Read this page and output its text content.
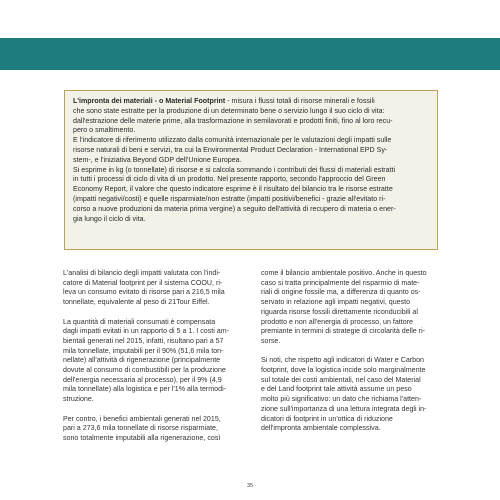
L'impronta dei materiali - o Material Footprint - misura i flussi totali di risorse minerali e fossili

che sono state estratte per la produzione di un determinato bene o servizio lungo il suo ciclo di vita:

dall'estrazione delle materie prime, alla trasformazione in semilavorati e prodotti finiti, fino al loro recu-

pero o smaltimento.

E l'indicatore di riferimento utilizzato dalla comunità internazionale per le valutazioni degli impatti sulle

risorse naturali di beni e servizi, tra cui la Environmental Product Declaration - International EPD Sy-

stem-, e l'iniziativa Beyond GDP dell'Unione Europea.

Si esprime in kg (o tonnellate) di risorse e si calcola sommando i contributi dei flussi di materiali estratti

in tutti i processi di ciclo di vita di un prodotto. Nel presente rapporto, secondo l'approccio del Green

Economy Report, il valore che questo indicatore esprime è il risultato del bilancio tra le risorse estratte

(impatti negativi/costi) e quelle risparmiate/non estratte (impatti positivi/benefici - grazie all'evitato ri-

corso a nuove produzioni da materia prima vergine) a seguito dell'attività di recupero di materia o ener-

gia lungo il ciclo di vita.

L'analisi di bilancio degli impatti valutata con l'indi-
catore di Material footprint per il sistema COOU, ri-
leva un consumo evitato di risorse pari a 216,5 mila
tonnellate, equivalente al peso di 21Tour Eiffel.

La quantità di materiali consumati è compensata
dagli impatti evitati in un rapporto di 5 a 1. I costi am-
bientali generati nel 2015, infatti, risultano pari a 57
mila tonnellate, imputabili per il 90% (51,6 mila ton-
nellate) all'attività di rigenerazione (principalmente
dovute al consumo di combustibili per la produzione
dell'energia necessaria al processo), per il 9% (4,9
mila tonnellate) alla logistica e per l'1% alla termodi-
struzione.

Per contro, i benefici ambientali generati nel 2015,
pari a 273,6 mila tonnellate di risorse risparmiate,
sono totalmente imputabili alla rigenerazione, così

come il bilancio ambientale positivo. Anche in questo
caso si tratta principalmente del risparmio di mate-
riali di origine fossile ma, a differenza di quanto os-
servato in relazione agli impatti negativi, questo
riguarda risorse fossili direttamente riconducibili al
prodotto e non all'energia di processo, un fattore
premiante in termini di strategie di circolarità delle ri-
sorse.

Si noti, che rispetto agli indicatori di Water e Carbon
footprint, dove la logistica incide solo marginalmente
sul totale dei costi ambientali, nel caso del Material
e del Land footprint tale attività assume un peso
molto più significativo: un dato che richiama l'atten-
zione sull'importanza di una lettura integrata degli in-
dicatori di footprint in un'ottica di riduzione
dell'impronta ambientale complessiva.

35
